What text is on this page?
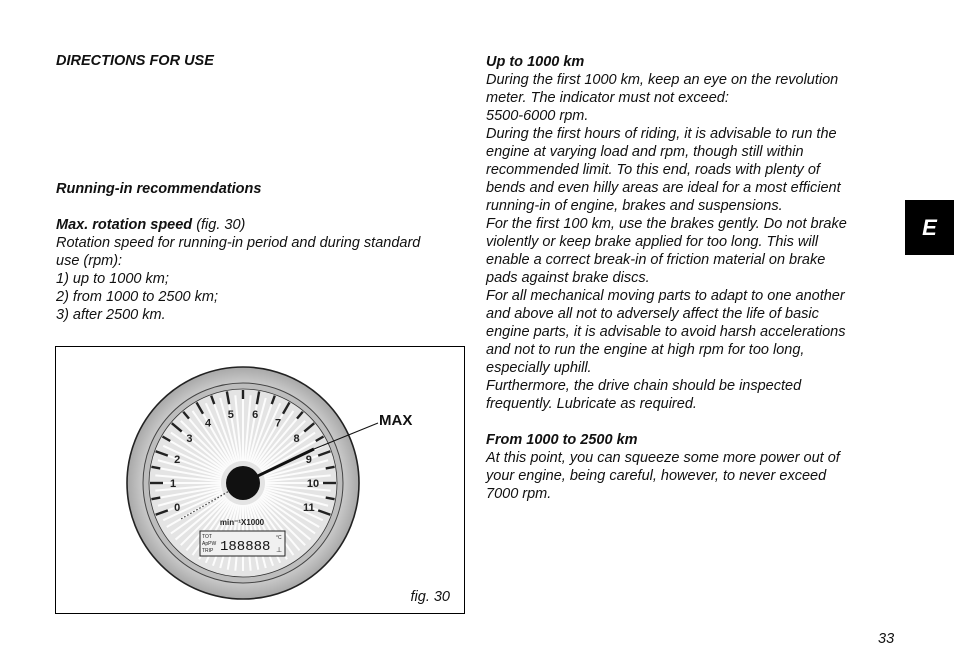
DIRECTIONS FOR USE
Running-in recommendations
Max. rotation speed (fig. 30)
Rotation speed for running-in period and during standard
use (rpm):
1) up to 1000 km;
2) from 1000 to 2500 km;
3) after 2500 km.
0
1
2
3
4
5 6
7
8
9
10
11
min⁻¹X1000
TOT
ApPW
TRIP 188888
°C
⊥
MAX
fig. 30
Up to 1000 km
During the first 1000 km, keep an eye on the revolution
meter. The indicator must not exceed:
5500-6000 rpm.
During the first hours of riding, it is advisable to run the
engine at varying load and rpm, though still within
recommended limit. To this end, roads with plenty of
bends and even hilly areas are ideal for a most efficient
running-in of engine, brakes and suspensions.
For the first 100 km, use the brakes gently. Do not brake
violently or keep brake applied for too long. This will
enable a correct break-in of friction material on brake
pads against brake discs.
For all mechanical moving parts to adapt to one another
and above all not to adversely affect the life of basic
engine parts, it is advisable to avoid harsh accelerations
and not to run the engine at high rpm for too long,
especially uphill.
Furthermore, the drive chain should be inspected
frequently. Lubricate as required.
From 1000 to 2500 km
At this point, you can squeeze some more power out of
your engine, being careful, however, to never exceed
7000 rpm.
E
33
